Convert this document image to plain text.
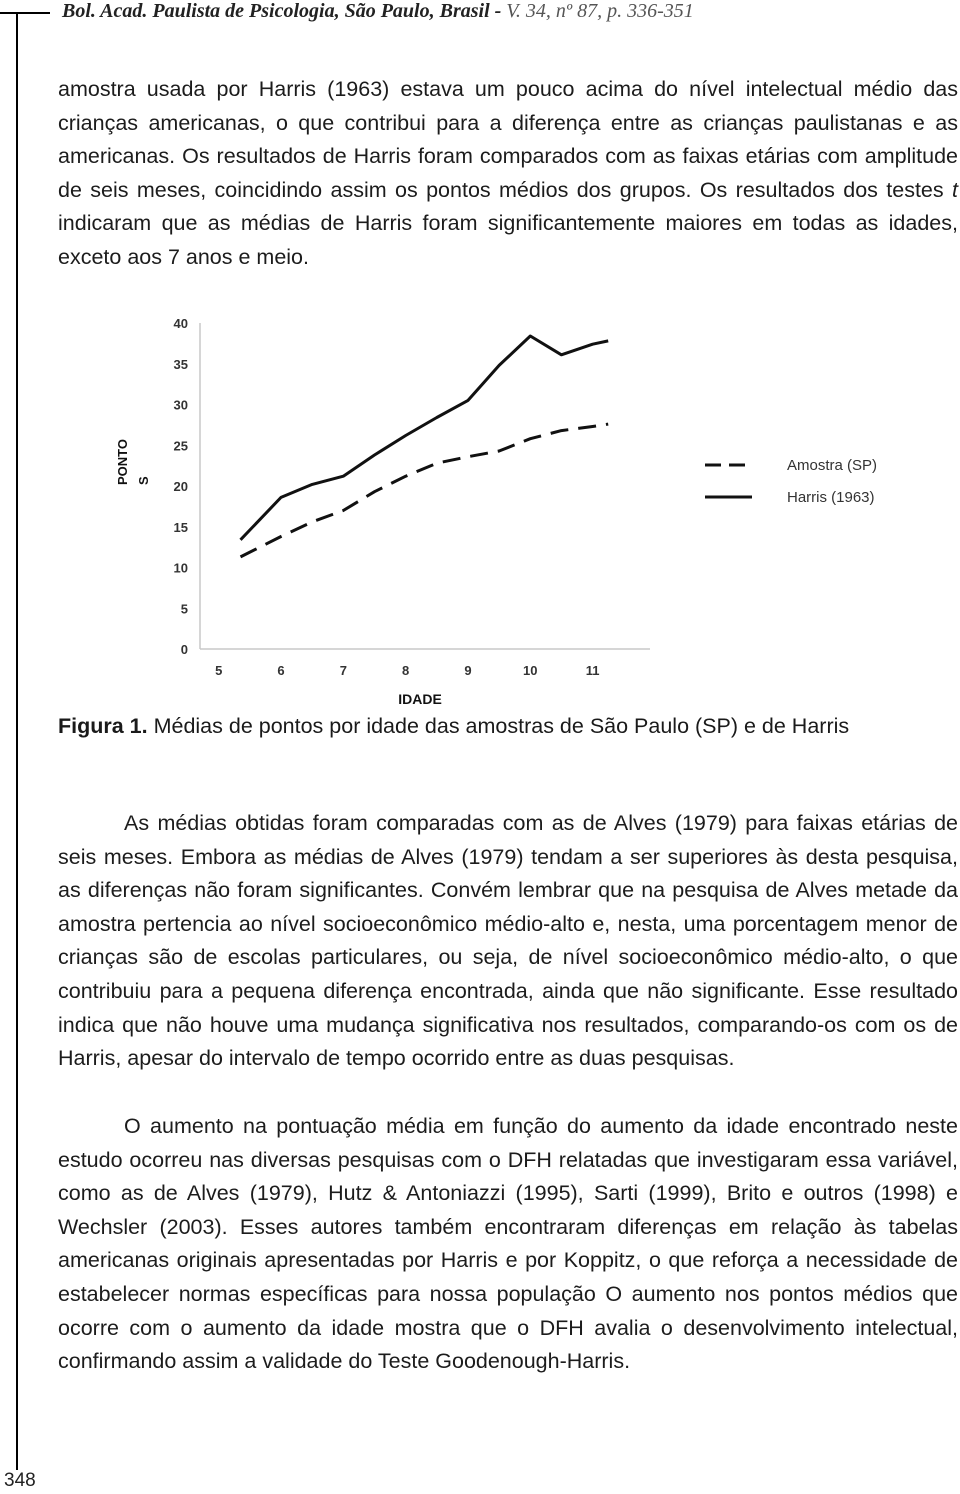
Bol. Acad. Paulista de Psicologia, São Paulo, Brasil - V. 34, nº 87, p. 336-351
amostra usada por Harris (1963) estava um pouco acima do nível intelectual médio das crianças americanas, o que contribui para a diferença entre as crianças paulistanas e as americanas. Os resultados de Harris foram comparados com as faixas etárias com amplitude de seis meses, coincidindo assim os pontos médios dos grupos. Os resultados dos testes t indicaram que as médias de Harris foram significantemente maiores em todas as idades, exceto aos 7 anos e meio.
40
35
30
25
20
15
10
5
0
5	6	7	8	9	10	11
IDADE
PONTO S
Amostra (SP)
Harris (1963)
Figura 1. Médias de pontos por idade das amostras de São Paulo (SP) e de Harris
As médias obtidas foram comparadas com as de Alves (1979) para faixas etárias de seis meses. Embora as médias de Alves (1979) tendam a ser superiores às desta pesquisa, as diferenças não foram significantes. Convém lembrar que na pesquisa de Alves metade da amostra pertencia ao nível socioeconômico médio-alto e, nesta, uma porcentagem menor de crianças são de escolas particulares, ou seja, de nível socioeconômico médio-alto, o que contribuiu para a pequena diferença encontrada, ainda que não significante. Esse resultado indica que não houve uma mudança significativa nos resultados, comparando-os com os de Harris, apesar do intervalo de tempo ocorrido entre as duas pesquisas.
O aumento na pontuação média em função do aumento da idade encontrado neste estudo ocorreu nas diversas pesquisas com o DFH relatadas que investigaram essa variável, como as de Alves (1979), Hutz & Antoniazzi (1995), Sarti (1999), Brito e outros (1998) e Wechsler (2003). Esses autores também encontraram diferenças em relação às tabelas americanas originais apresentadas por Harris e por Koppitz, o que reforça a necessidade de estabelecer normas específicas para nossa população O aumento nos pontos médios que ocorre com o aumento da idade mostra que o DFH avalia o desenvolvimento intelectual, confirmando assim a validade do Teste Goodenough-Harris.
348
